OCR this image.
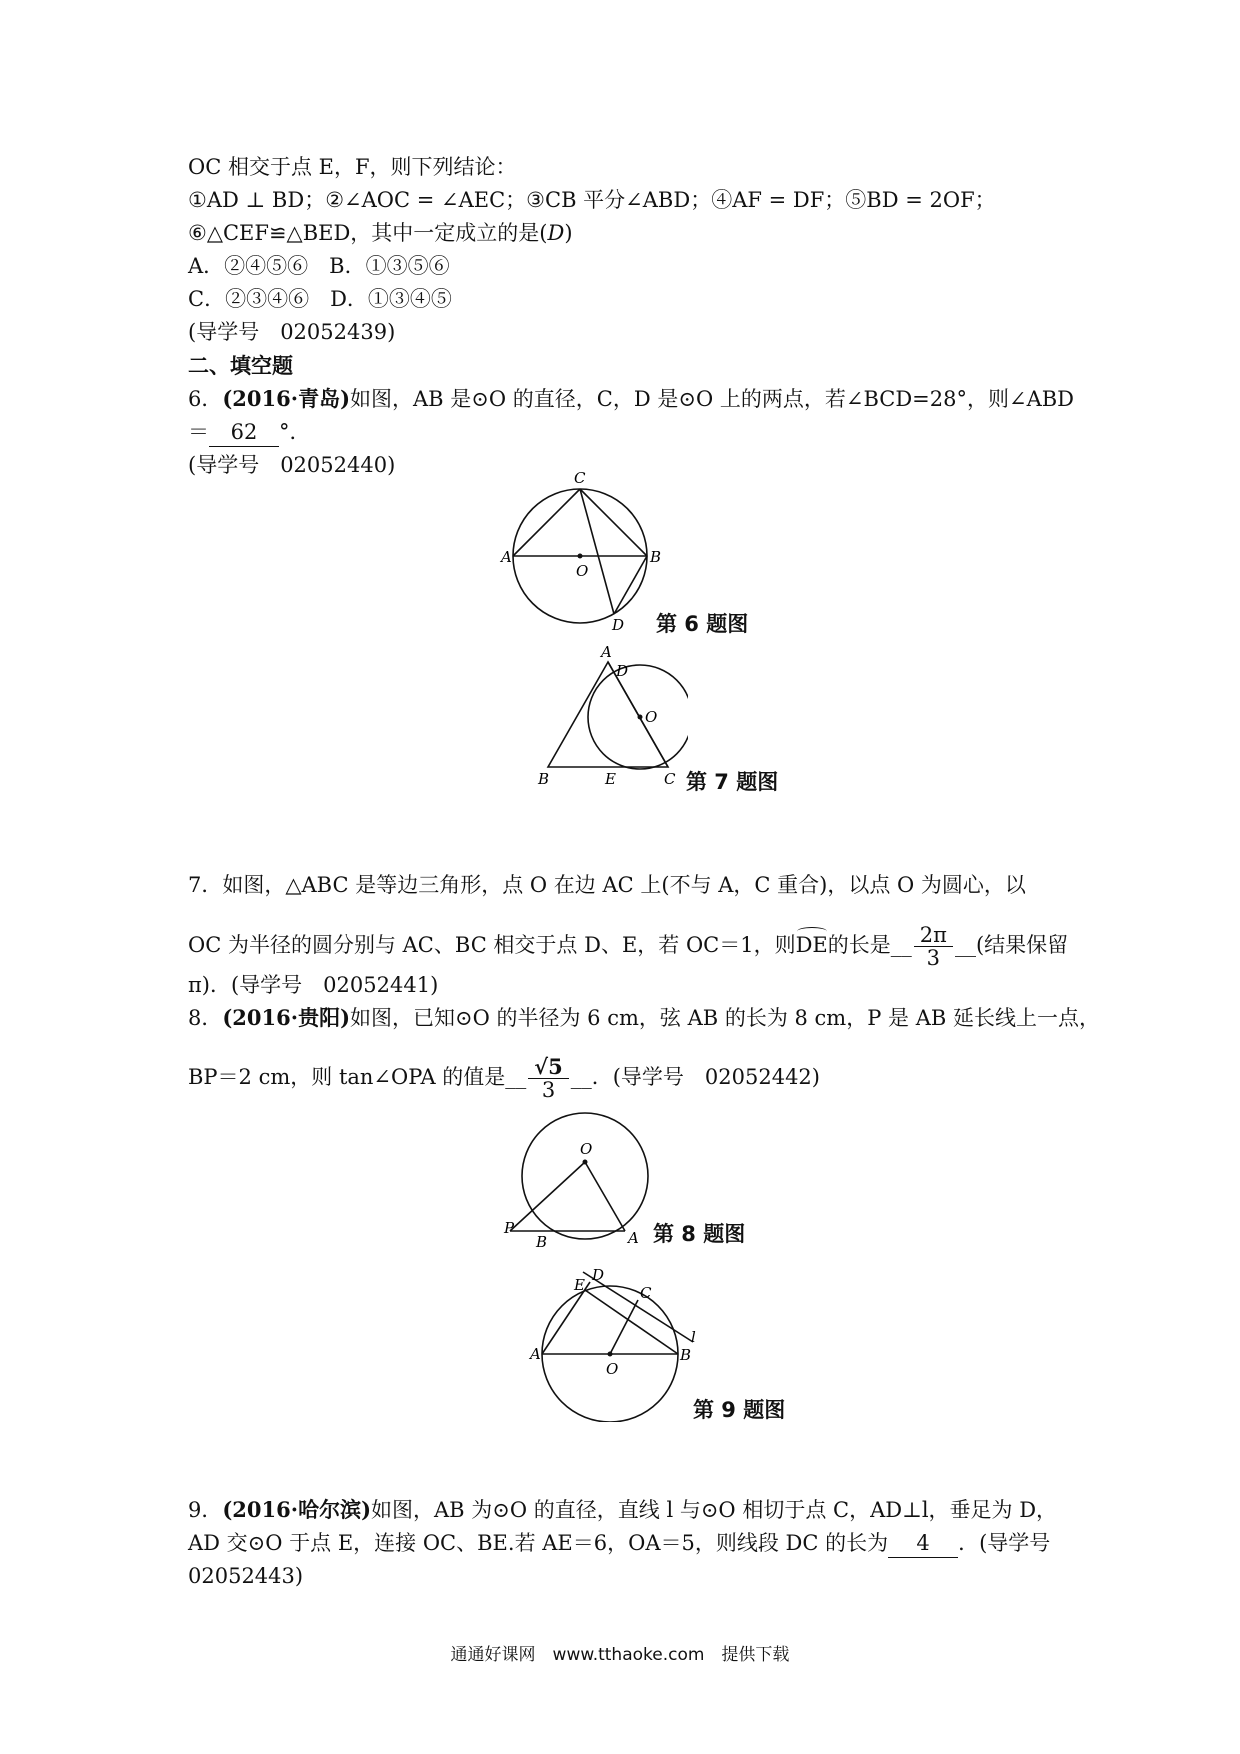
OC 相交于点 E，F，则下列结论：
①AD ⊥ BD；②∠AOC = ∠AEC；③CB 平分∠ABD；④AF = DF；⑤BD = 2OF；
⑥△CEF≌△BED，其中一定成立的是(D)
A．②④⑤⑥　 B．①③⑤⑥
C．②③④⑥　 D．①③④⑤
(导学号　02052439)
二、填空题
6．(2016·青岛)如图，AB 是⊙O 的直径，C，D 是⊙O 上的两点，若∠BCD=28°，则∠ABD
＝ 62 °．
(导学号　02052440)
A	B
C
D
O
第 6 题图
A
B	C
D
E
O
第 7 题图
7．如图，△ABC 是等边三角形，点 O 在边 AC 上(不与 A，C 重合)，以点 O 为圆心，以
OC 为半径的圆分别与 AC、BC 相交于点 D、E，若 OC＝1，则DE的长是__ $\frac{2\pi}{3}$ __(结果保留
π)．(导学号　02052441)
8．(2016·贵阳)如图，已知⊙O 的半径为 6 cm，弦 AB 的长为 8 cm，P 是 AB 延长线上一点，
BP＝2 cm，则 tan∠OPA 的值是__ $\frac{√5}{3}$ __．(导学号　02052442)
O
P
B	A 第 8 题图
A	B
C
D
E
O
l
第 9 题图
9．(2016·哈尔滨)如图，AB 为⊙O 的直径，直线 l 与⊙O 相切于点 C，AD⊥l，垂足为 D，
AD 交⊙O 于点 E，连接 OC、BE.若 AE＝6，OA＝5，则线段 DC 的长为 4 ．(导学号
02052443)
通通好课网　www.tthaoke.com　提供下载
